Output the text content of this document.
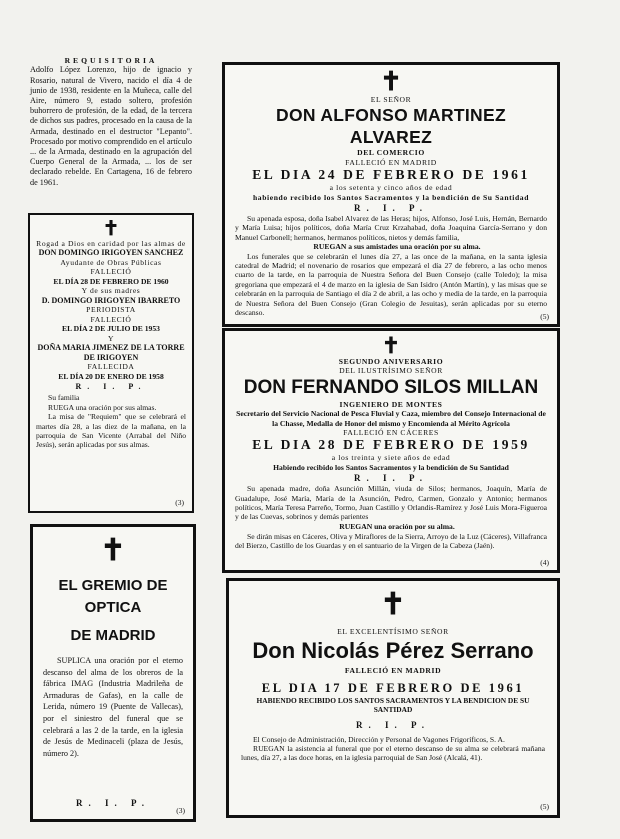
REQUISITORIA
Adolfo López Lorenzo, hijo de ignacio y Rosario, natural de Vivero, nacido el día 4 de junio de 1938, residente en la Muñeca, calle del Aire, número 9, estado soltero, profesión buhorrero de profesión, de la edad, de la tercera de dichos sus padres, procesado en la causa de la Armada, destinado en el destructor "Lepanto". Procesado por motivo comprendido en el artículo ... de la Armada, destinado en la agrupación del Cuerpo General de la Armada, ... los de ser declarado rebelde. En Cartagena, 16 de febrero de 1961.
✝
Rogad a Dios en caridad por las almas de
DON DOMINGO IRIGOYEN SANCHEZ
Ayudante de Obras Públicas
FALLECIÓ
EL DÍA 28 DE FEBRERO DE 1960
Y de sus madres
D. DOMINGO IRIGOYEN IBARRETO
PERIODISTA
FALLECIÓ
EL DÍA 2 DE JULIO DE 1953
Y
DOÑA MARIA JIMENEZ DE LA TORRE DE IRIGOYEN
FALLECIDA
EL DÍA 20 DE ENERO DE 1958
R. I. P.
Su familia
RUEGA una oración por sus almas.
La misa de "Requiem" que se celebrará el martes día 28, a las diez de la mañana, en la parroquia de San Vicente (Arrabal del Niño Jesús), serán aplicadas por sus almas.
(3)
✝
EL GREMIO DE OPTICA
DE MADRID
SUPLICA una oración por el eterno descanso del alma de los obreros de la fábrica IMAG (Industria Madrileña de Armaduras de Gafas), en la calle de Lerida, número 19 (Puente de Vallecas), por el siniestro del funeral que se celebrará a las 2 de la tarde, en la iglesia de Jesús de Medinaceli (plaza de Jesús, número 2).
R. I. P.
(3)
✝
EL SEÑOR
DON ALFONSO MARTINEZ ALVAREZ
DEL COMERCIO
FALLECIÓ EN MADRID
EL DIA 24 DE FEBRERO DE 1961
a los setenta y cinco años de edad
habiendo recibido los Santos Sacramentos y la bendición de Su Santidad
R. I. P.
Su apenada esposa, doña Isabel Alvarez de las Heras; hijos, Alfonso, José Luis, Hernán, Bernardo y María Luisa; hijos políticos, doña María Cruz Krzahabad, doña Joaquina García-Serrano y don Manuel Carbonell; hermanos, hermanos políticos, nietos y demás familia,
RUEGAN a sus amistades una oración por su alma.
Los funerales que se celebrarán el lunes día 27, a las once de la mañana, en la santa iglesia catedral de Madrid; el novenario de rosarios que empezará el día 27 de febrero, a las ocho menos cuarto de la tarde, en la parroquia de Nuestra Señora del Buen Consejo (calle Toledo); la misa gregoriana que empezará el 4 de marzo en la iglesia de San Isidro (Antón Martín), y las misas que se celebrarán en la parroquia de Santiago el día 2 de abril, a las ocho y media de la tarde, en la parroquia de Nuestra Señora del Buen Consejo (Gran Colegio de Jesuitas), serán aplicadas por su eterno descanso.	(5)
✝
SEGUNDO ANIVERSARIO
DEL ILUSTRÍSIMO SEÑOR
DON FERNANDO SILOS MILLAN
INGENIERO DE MONTES
Secretario del Servicio Nacional de Pesca Fluvial y Caza, miembro del Consejo Internacional de la Chasse, Medalla de Honor del mismo y Encomienda al Mérito Agrícola
FALLECIÓ EN CÁCERES
EL DIA 28 DE FEBRERO DE 1959
a los treinta y siete años de edad
Habiendo recibido los Santos Sacramentos y la bendición de Su Santidad
R. I. P.
Su apenada madre, doña Asunción Millán, viuda de Silos; hermanos, Joaquín, María de Guadalupe, José María, María de la Asunción, Pedro, Carmen, Gonzalo y Antonio; hermanos políticos, María Teresa Parreño, Tormo, Juan Castillo y Orlandis-Ramírez y José Luis Mora-Figueroa y de las Cuevas, sobrinos y demás parientes
RUEGAN una oración por su alma.
Se dirán misas en Cáceres, Oliva y Miraflores de la Sierra, Arroyo de la Luz (Cáceres), Villafranca del Bierzo, Castillo de los Guardas y en el santuario de la Virgen de la Cabeza (Jaén).
(4)
✝
EL EXCELENTÍSIMO SEÑOR
Don Nicolás Pérez Serrano
FALLECIÓ EN MADRID
EL DIA 17 DE FEBRERO DE 1961
HABIENDO RECIBIDO LOS SANTOS SACRAMENTOS Y LA BENDICION DE SU SANTIDAD
R. I. P.
El Consejo de Administración, Dirección y Personal de Vagones Frigoríficos, S. A.
RUEGAN la asistencia al funeral que por el eterno descanso de su alma se celebrará mañana lunes, día 27, a las doce horas, en la iglesia parroquial de San José (Alcalá, 41).
(5)
